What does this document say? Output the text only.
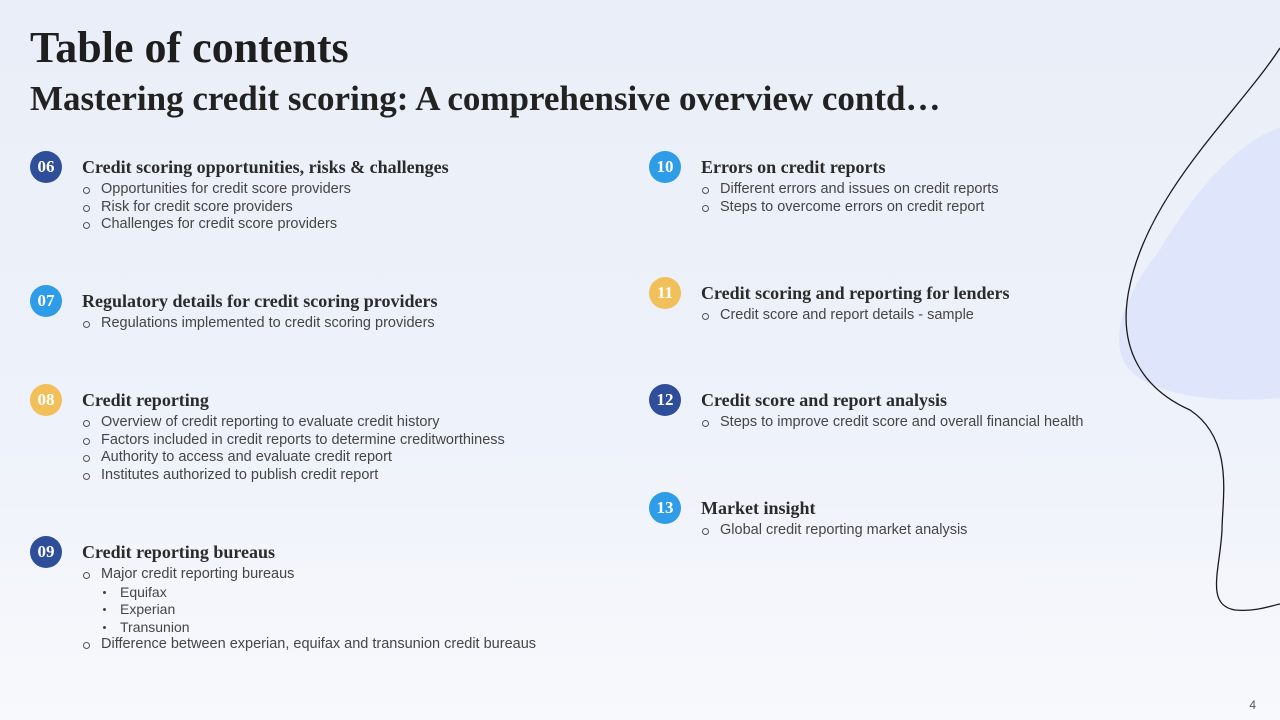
Table of contents
Mastering credit scoring: A comprehensive overview contd…
06	Credit scoring opportunities, risks & challenges
Opportunities for credit score providers
Risk for credit score providers
Challenges for credit score providers
07	Regulatory details for credit scoring providers
Regulations implemented to credit scoring providers
08	Credit reporting
Overview of credit reporting to evaluate credit history
Factors included in credit reports to determine creditworthiness
Authority to access and evaluate credit report
Institutes authorized to publish credit report
09	Credit reporting bureaus
Major credit reporting bureaus
Equifax
Experian
Transunion
Difference between experian, equifax and transunion credit bureaus
10	Errors on credit reports
Different errors and issues on credit reports
Steps to overcome errors on credit report
11	Credit scoring and reporting for lenders
Credit score and report details - sample
12	Credit score and report analysis
Steps to improve credit score and overall financial health
13	Market insight
Global credit reporting market analysis
4
